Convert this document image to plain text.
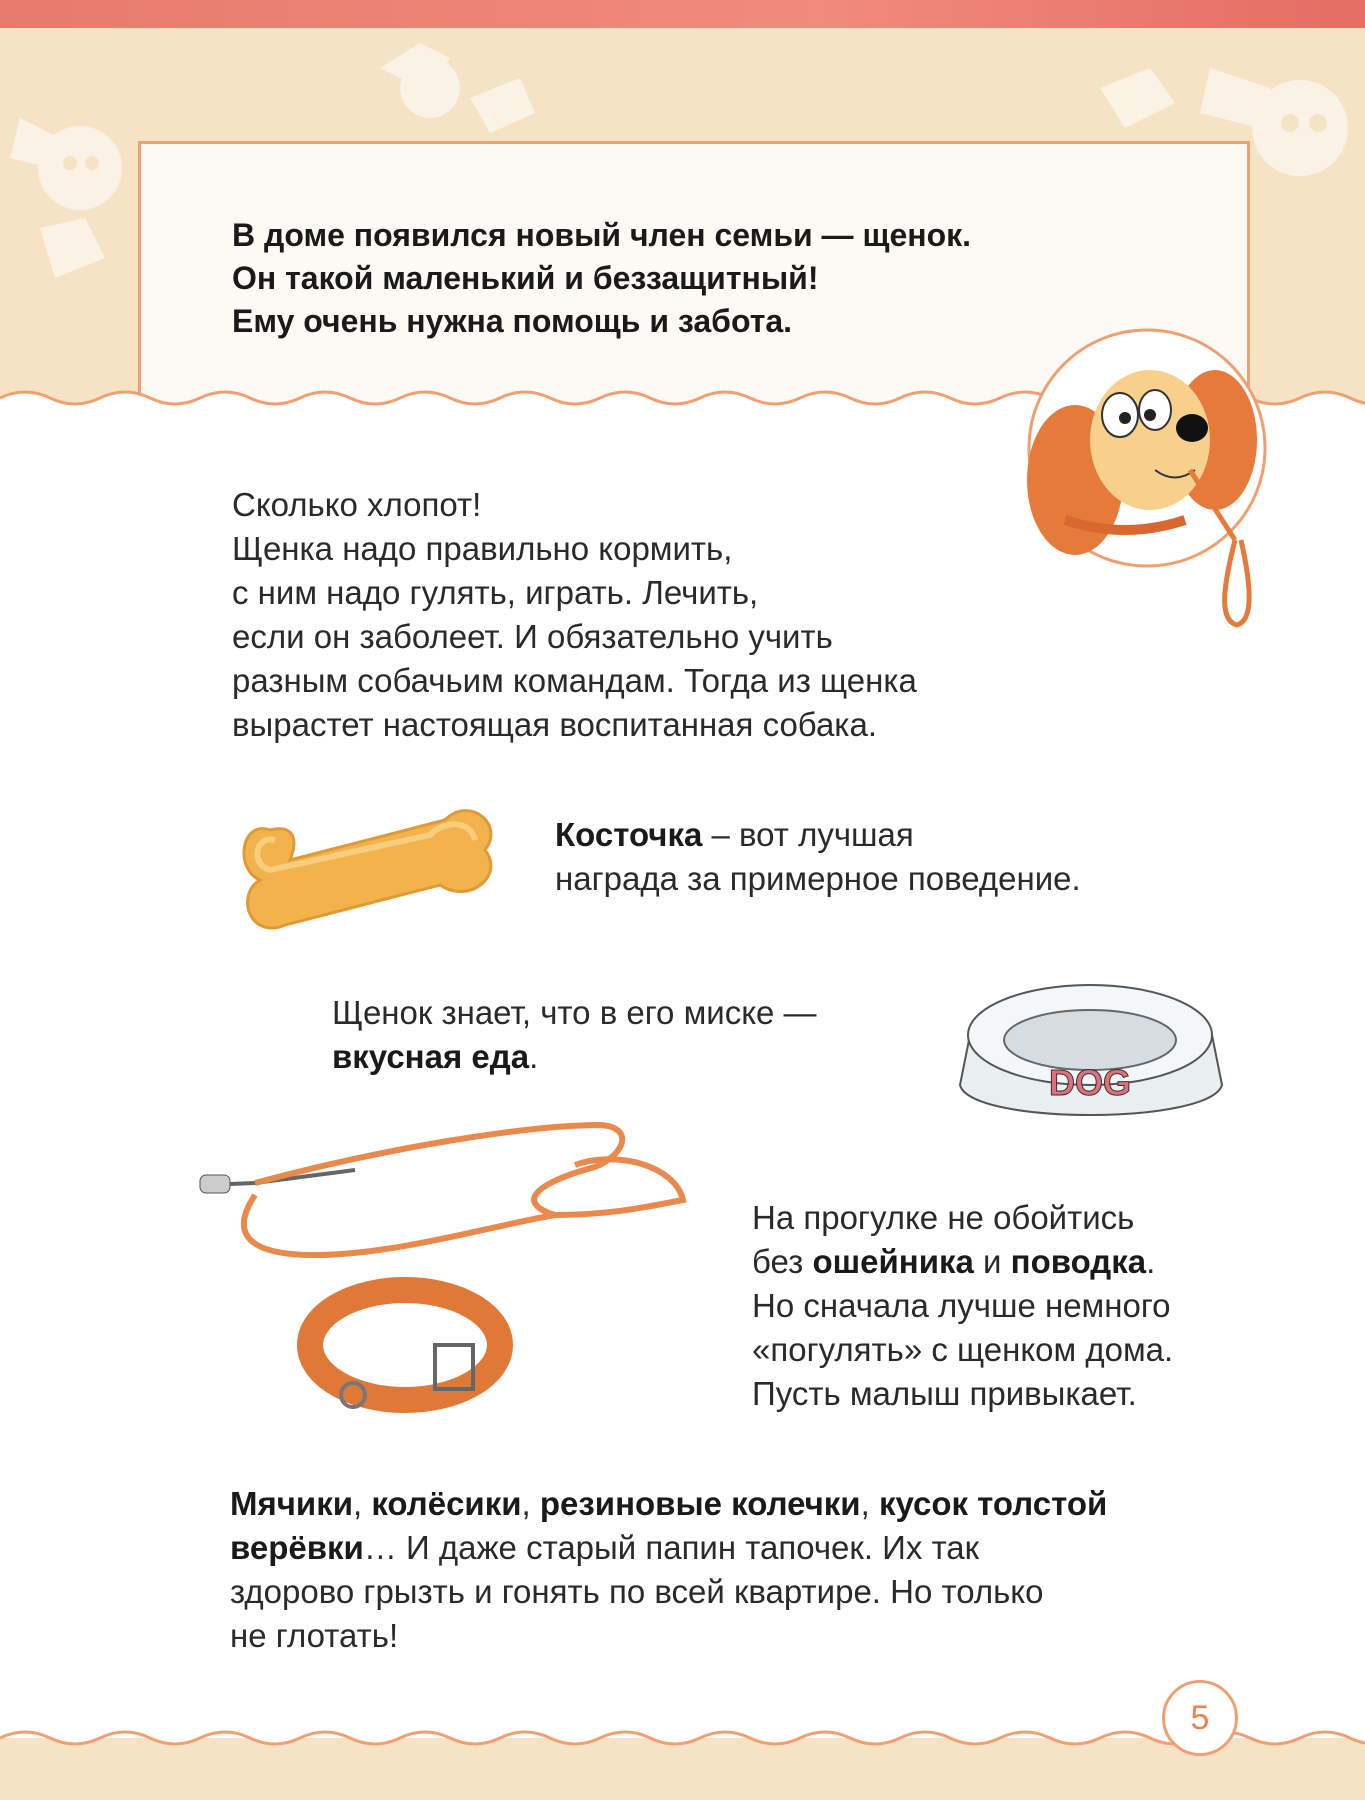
В доме появился новый член семьи — щенок.
Он такой маленький и беззащитный!
Ему очень нужна помощь и забота.
Сколько хлопот!
Щенка надо правильно кормить,
с ним надо гулять, играть. Лечить,
если он заболеет. И обязательно учить
разным собачьим командам. Тогда из щенка
вырастет настоящая воспитанная собака.
Косточка – вот лучшая
награда за примерное поведение.
Щенок знает, что в его миске —
вкусная еда.
DOG
На прогулке не обойтись
без ошейника и поводка.
Но сначала лучше немного
«погулять» с щенком дома.
Пусть малыш привыкает.
Мячики, колёсики, резиновые колечки, кусок толстой
верёвки… И даже старый папин тапочек. Их так
здорово грызть и гонять по всей квартире. Но только
не глотать!
5
